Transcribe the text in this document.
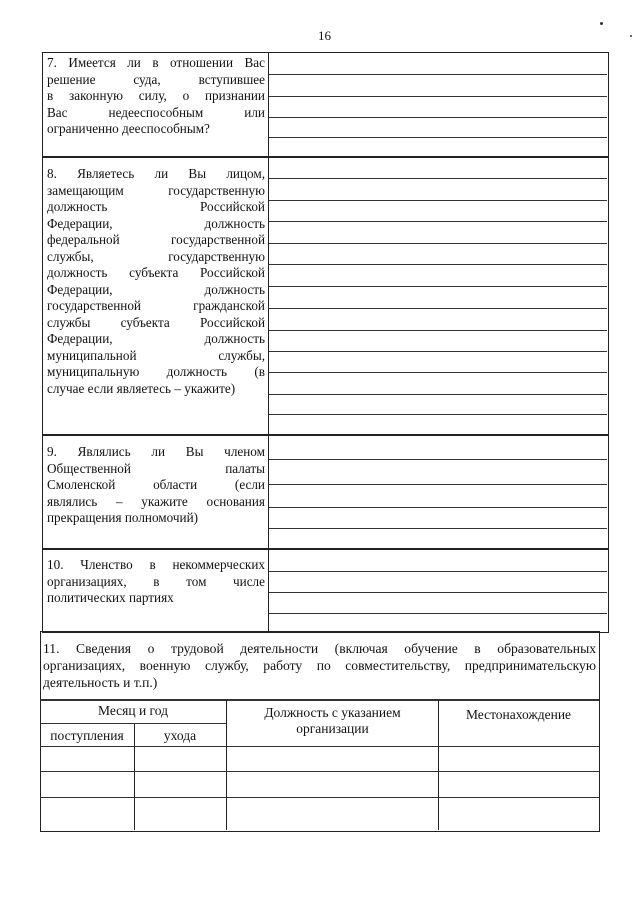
16
7. Имеется ли в отношении Вас
решение суда, вступившее
в законную силу, о признании
Вас недееспособным или
ограниченно дееспособным?
8. Являетесь ли Вы лицом,
замещающим государственную
должность Российской
Федерации, должность
федеральной государственной
службы, государственную
должность субъекта Российской
Федерации, должность
государственной гражданской
службы субъекта Российской
Федерации, должность
муниципальной службы,
муниципальную должность (в
случае если являетесь – укажите)
9. Являлись ли Вы членом
Общественной палаты
Смоленской области (если
являлись – укажите основания
прекращения полномочий)
10. Членство в некоммерческих
организациях, в том числе
политических партиях
11. Сведения о трудовой деятельности (включая обучение в образовательных
организациях, военную службу, работу по совместительству, предпринимательскую
деятельность и т.п.)
Месяц и год
поступления	ухода
Должность с указанием организации
Местонахождение
